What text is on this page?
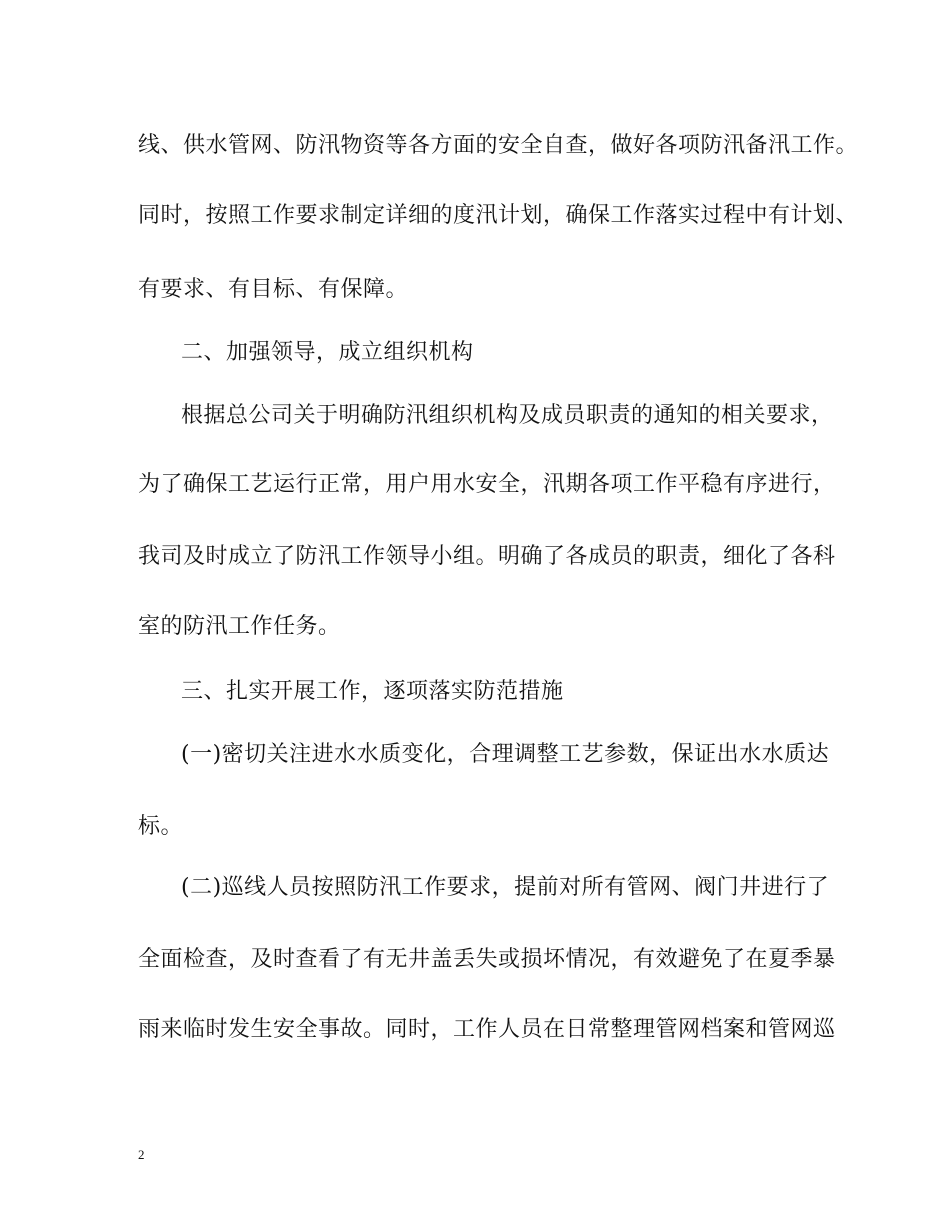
线、供水管网、防汛物资等各方面的安全自查，做好各项防汛备汛工作。
同时，按照工作要求制定详细的度汛计划，确保工作落实过程中有计划、
有要求、有目标、有保障。
二、加强领导，成立组织机构
根据总公司关于明确防汛组织机构及成员职责的通知的相关要求，
为了确保工艺运行正常，用户用水安全，汛期各项工作平稳有序进行，
我司及时成立了防汛工作领导小组。明确了各成员的职责，细化了各科
室的防汛工作任务。
三、扎实开展工作，逐项落实防范措施
(一)密切关注进水水质变化，合理调整工艺参数，保证出水水质达
标。
(二)巡线人员按照防汛工作要求，提前对所有管网、阀门井进行了
全面检查，及时查看了有无井盖丢失或损坏情况，有效避免了在夏季暴
雨来临时发生安全事故。同时，工作人员在日常整理管网档案和管网巡
2
